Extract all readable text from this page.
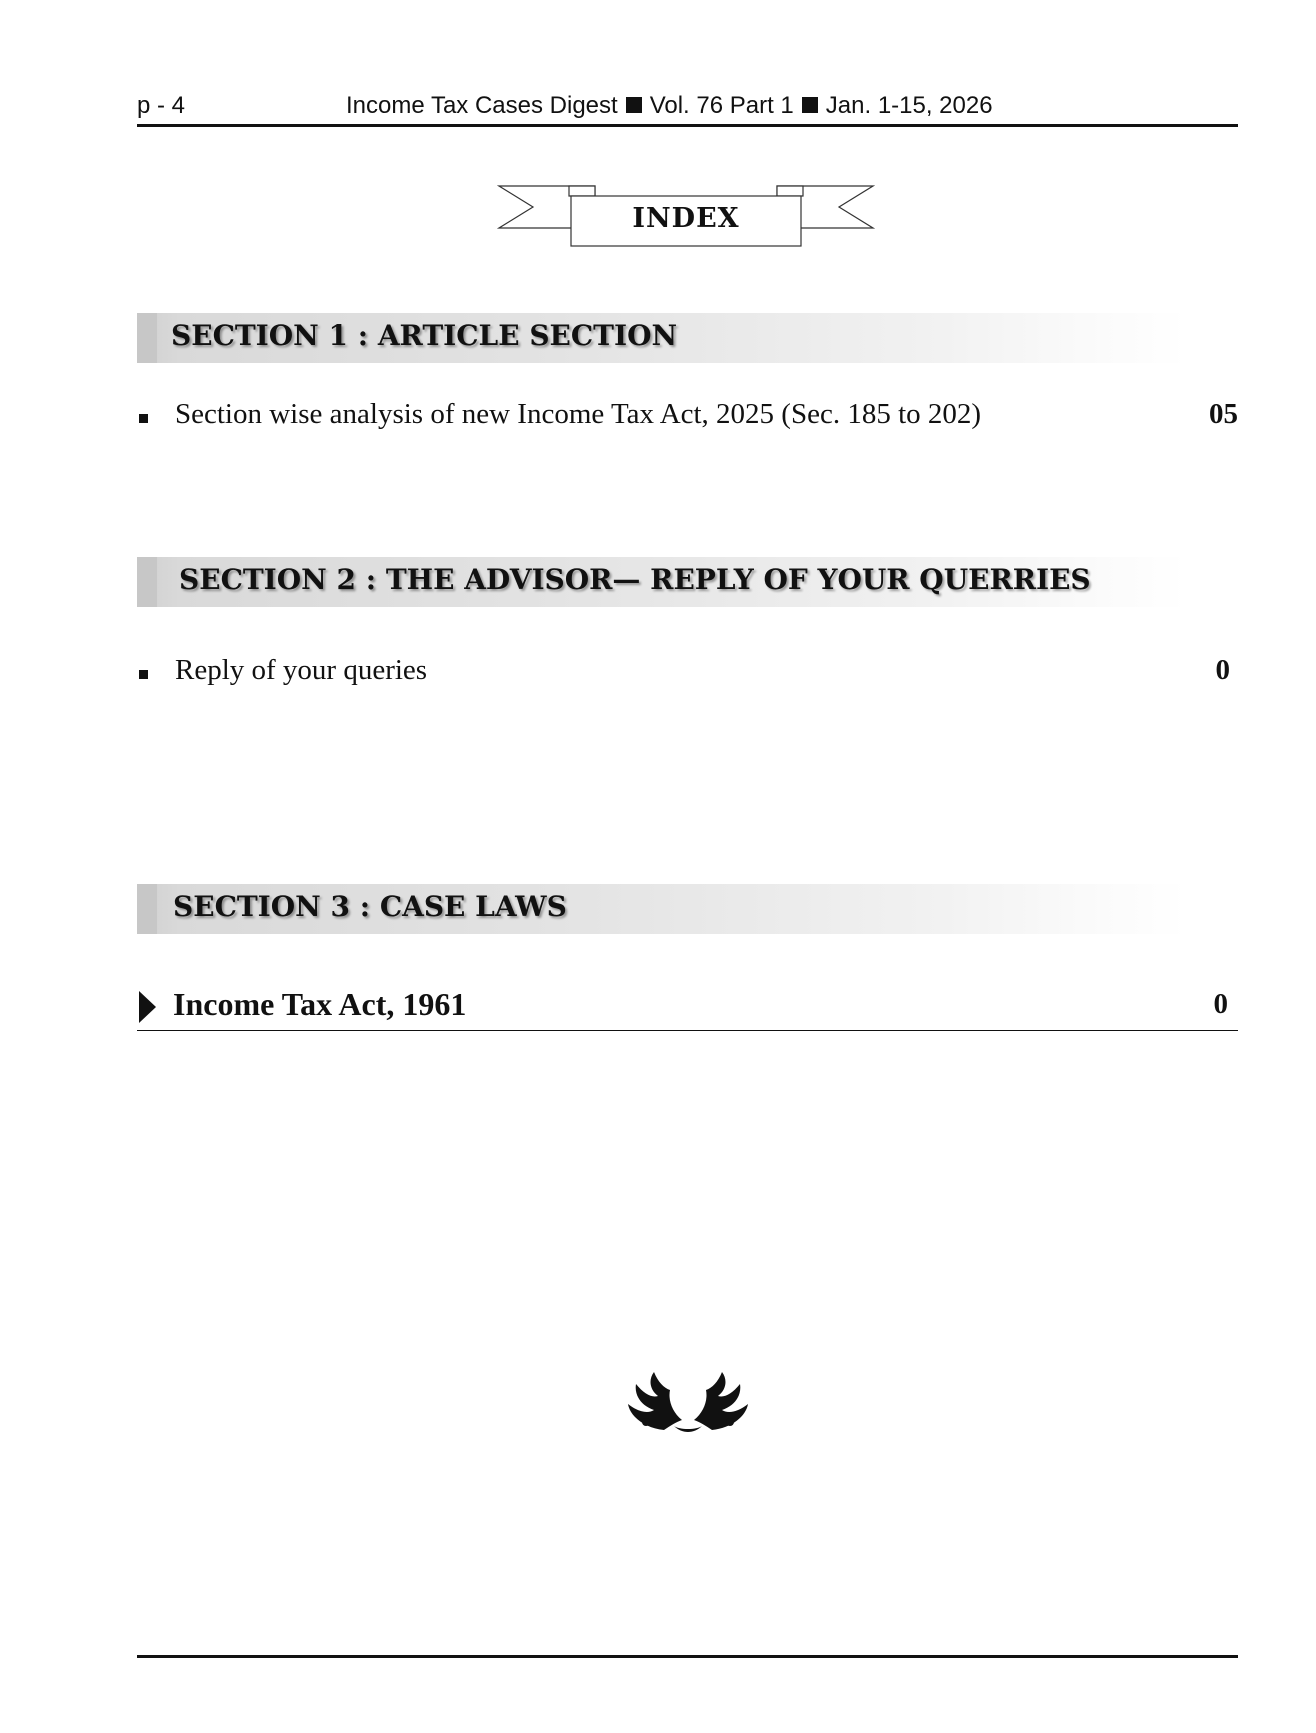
p - 4	Income Tax Cases Digest Vol. 76 Part 1 Jan. 1-15, 2026
INDEX
SECTION 1 : ARTICLE SECTION
Section wise analysis of new Income Tax Act, 2025 (Sec. 185 to 202)	05
SECTION 2 : THE ADVISOR— REPLY OF YOUR QUERRIES
Reply of your queries	0
SECTION 3 : CASE LAWS
Income Tax Act, 1961	0
